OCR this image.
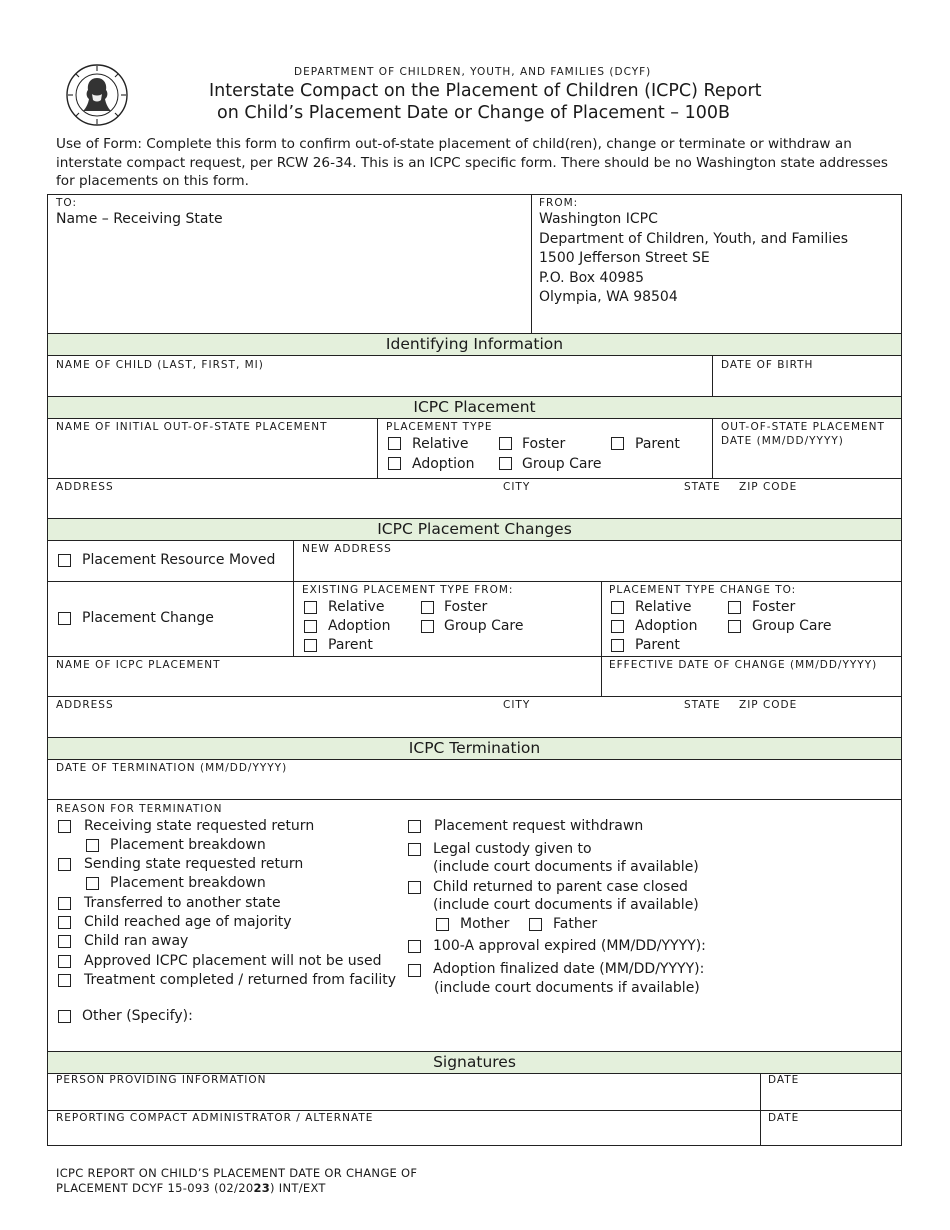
DEPARTMENT OF CHILDREN, YOUTH, AND FAMILIES (DCYF)
Interstate Compact on the Placement of Children (ICPC) Report
on Child’s Placement Date or Change of Placement – 100B
Use of Form: Complete this form to confirm out-of-state placement of child(ren), change or terminate or withdraw an interstate compact request, per RCW 26-34. This is an ICPC specific form. There should be no Washington state addresses for placements on this form.
TO:
Name – Receiving State
FROM:
Washington ICPC
Department of Children, Youth, and Families
1500 Jefferson Street SE
P.O. Box 40985
Olympia, WA 98504
Identifying Information
NAME OF CHILD (LAST, FIRST, MI)	DATE OF BIRTH
ICPC Placement
NAME OF INITIAL OUT-OF-STATE PLACEMENT	PLACEMENT TYPE
Relative	Foster	Parent
Adoption	Group Care
OUT-OF-STATE PLACEMENT DATE (MM/DD/YYYY)
ADDRESS	CITY	STATE ZIP CODE
ICPC Placement Changes
Placement Resource Moved
NEW ADDRESS
Placement Change
EXISTING PLACEMENT TYPE FROM:
Relative	Foster
Adoption	Group Care
Parent
PLACEMENT TYPE CHANGE TO:
Relative	Foster
Adoption	Group Care
Parent
NAME OF ICPC PLACEMENT	EFFECTIVE DATE OF CHANGE (MM/DD/YYYY)
ADDRESS	CITY	STATE ZIP CODE
ICPC Termination
DATE OF TERMINATION (MM/DD/YYYY)
REASON FOR TERMINATION
Receiving state requested return
Placement breakdown
Sending state requested return
Placement breakdown
Transferred to another state
Child reached age of majority
Child ran away
Approved ICPC placement will not be used
Treatment completed / returned from facility
Other (Specify):
Placement request withdrawn
Legal custody given to
(include court documents if available)
Child returned to parent case closed
(include court documents if available)
Mother	Father
100-A approval expired (MM/DD/YYYY):
Adoption finalized date (MM/DD/YYYY):
(include court documents if available)
Signatures
PERSON PROVIDING INFORMATION	DATE
REPORTING COMPACT ADMINISTRATOR / ALTERNATE	DATE
ICPC REPORT ON CHILD’S PLACEMENT DATE OR CHANGE OF
PLACEMENT DCYF 15-093 (02/2023) INT/EXT
